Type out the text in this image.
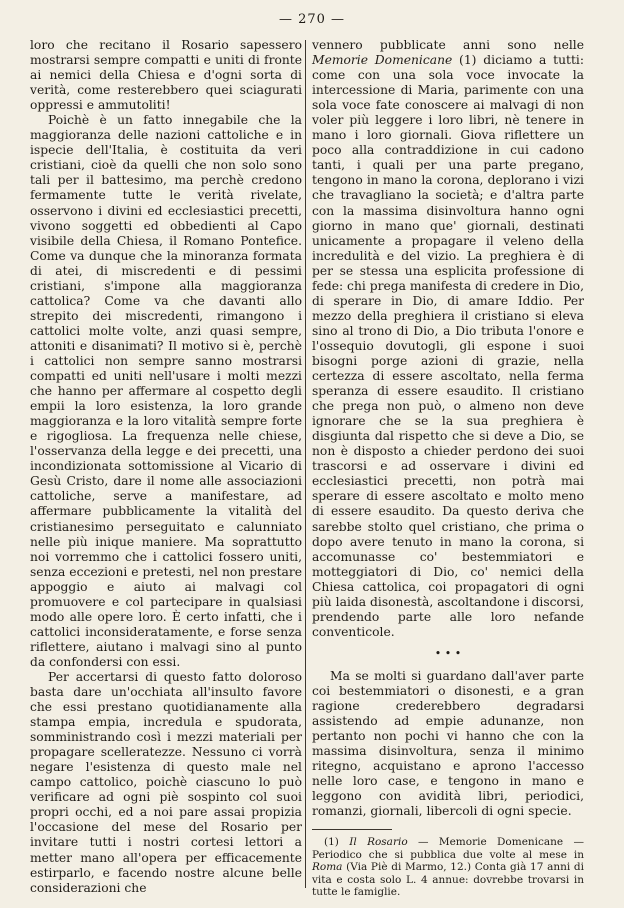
— 270 —

loro che recitano il Rosario sapessero mostrarsi sempre compatti e uniti di fronte ai nemici della Chiesa e d'ogni sorta di verità, come resterebbero quei sciagurati oppressi e ammutoliti!

Poichè è un fatto innegabile che la maggioranza delle nazioni cattoliche e in ispecie dell'Italia, è costituita da veri cristiani, cioè da quelli che non solo sono tali per il battesimo, ma perchè credono fermamente tutte le verità rivelate, osservono i divini ed ecclesiastici precetti, vivono soggetti ed obbedienti al Capo visibile della Chiesa, il Romano Pontefice. Come va dunque che la minoranza formata di atei, di miscredenti e di pessimi cristiani, s'impone alla maggioranza cattolica? Come va che davanti allo strepito dei miscredenti, rimangono i cattolici molte volte, anzi quasi sempre, attoniti e disanimati? Il motivo si è, perchè i cattolici non sempre sanno mostrarsi compatti ed uniti nell'usare i molti mezzi che hanno per affermare al cospetto degli empii la loro esistenza, la loro grande maggioranza e la loro vitalità sempre forte e rigogliosa. La frequenza nelle chiese, l'osservanza della legge e dei precetti, una incondizionata sottomissione al Vicario di Gesù Cristo, dare il nome alle associazioni cattoliche, serve a manifestare, ad affermare pubblicamente la vitalità del cristianesimo perseguitato e calunniato nelle più inique maniere. Ma soprattutto noi vorremmo che i cattolici fossero uniti, senza eccezioni e pretesti, nel non prestare appoggio e aiuto ai malvagi col promuovere e col parteciparе in qualsiasi modo alle opere loro. È certo infatti, che i cattolici inconsideratamente, e forse senza riflettere, aiutano i malvagi sino al punto da confondersi con essi.

Per accertarsi di questo fatto doloroso basta dare un'occhiata all'insulto favore che essi prestano quotidianamente alla stampa empia, incredula e spudorata, somministrando così i mezzi materiali per propagare scelleratezze. Nessuno ci vorrà negare l'esistenza di questo male nel campo cattolico, poichè ciascuno lo può verificare ad ogni piè sospinto col suoi propri occhi, ed a noi pare assai propizia l'occasione del mese del Rosario per invitare tutti i nostri cortesi lettori a metter mano all'opera per efficacemente estirparlo, e facendo nostre alcune belle considerazioni che

vennero pubblicate anni sono nelle Memorie Domenicane (1) diciamo a tutti: come con una sola voce invocate la intercessione di Maria, parimente con una sola voce fate conoscere ai malvagi di non voler più leggere i loro libri, nè tenere in mano i loro giornali. Giova riflettere un poco alla contraddizione in cui cadono tanti, i quali per una parte pregano, tengono in mano la corona, deplorano i vizi che travagliano la società; e d'altra parte con la massima disinvoltura hanno ogni giorno in mano que' giornali, destinati unicamente a propagare il veleno della incredulità e del vizio. La preghiera è di per se stessa una esplicita professione di fede: chi prega manifesta di credere in Dio, di sperare in Dio, di amare Iddio. Per mezzo della preghiera il cristiano si eleva sino al trono di Dio, a Dio tributa l'onore e l'ossequio dovutogli, gli espone i suoi bisogni porge azioni di grazie, nella certezza di essere ascoltato, nella ferma speranza di essere esaudito. Il cristiano che prega non può, o almeno non deve ignorare che se la sua preghiera è disgiunta dal rispetto che si deve a Dio, se non è disposto a chieder perdono dei suoi trascorsi e ad osservare i divini ed ecclesiastici precetti, non potrà mai sperare di essere ascoltato e molto meno di essere esaudito. Da questo deriva che sarebbe stolto quel cristiano, che prima o dopo avere tenuto in mano la corona, si accomunasse co' bestemmiatori e motteggiatori di Dio, co' nemici della Chiesa cattolica, coi propagatori di ogni più laida disonestà, ascoltandone i discorsi, prendendo parte alle loro nefande conventicole.

• • •

Ma se molti si guardano dall'aver parte coi bestemmiatori o disonesti, e a gran ragione crederebbero degradarsi assistendo ad empie adunanze, non pertanto non pochi vi hanno che con la massima disinvoltura, senza il minimo ritegno, acquistano e aprono l'accesso nelle loro case, e tengono in mano e leggono con avidità libri, periodici, romanzi, giornali, libercoli di ogni specie.

(1) Il Rosario — Memorie Domenicane — Periodico che si pubblica due volte al mese in Roma (Via Piè di Marmo, 12.) Conta già 17 anni di vita e costa solo L. 4 annue: dovrebbe trovarsi in tutte le famiglie.
